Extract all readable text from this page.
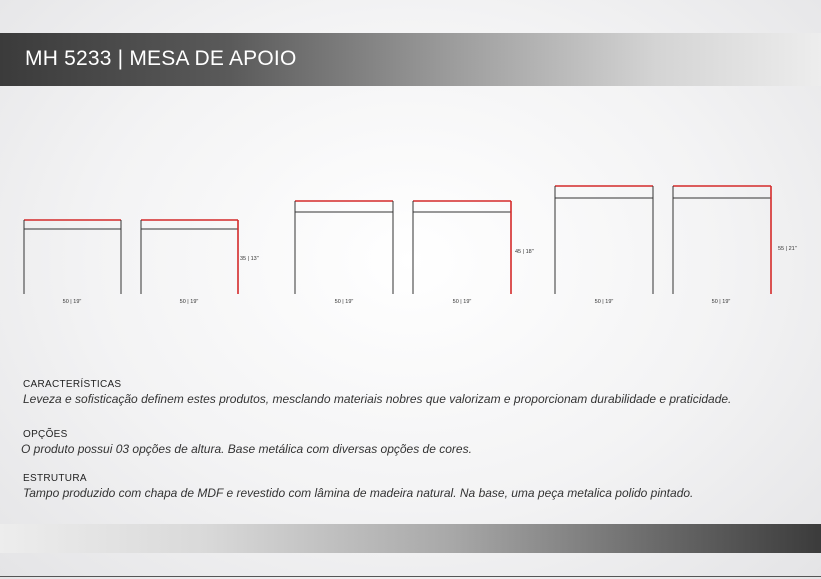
MH 5233 | MESA DE APOIO
50 | 19"	50 | 19"
35 | 13"
50 | 19"	50 | 19"
45 | 18"
50 | 19"	50 | 19"
55 | 21"
CARACTERÍSTICAS
Leveza e sofisticação definem estes produtos, mesclando materiais nobres que valorizam e proporcionam durabilidade e praticidade.
OPÇÕES
O produto possui 03 opções de altura. Base metálica com diversas opções de cores.
ESTRUTURA
Tampo produzido com chapa de MDF e revestido com lâmina de madeira natural. Na base, uma peça metalica polido pintado.
